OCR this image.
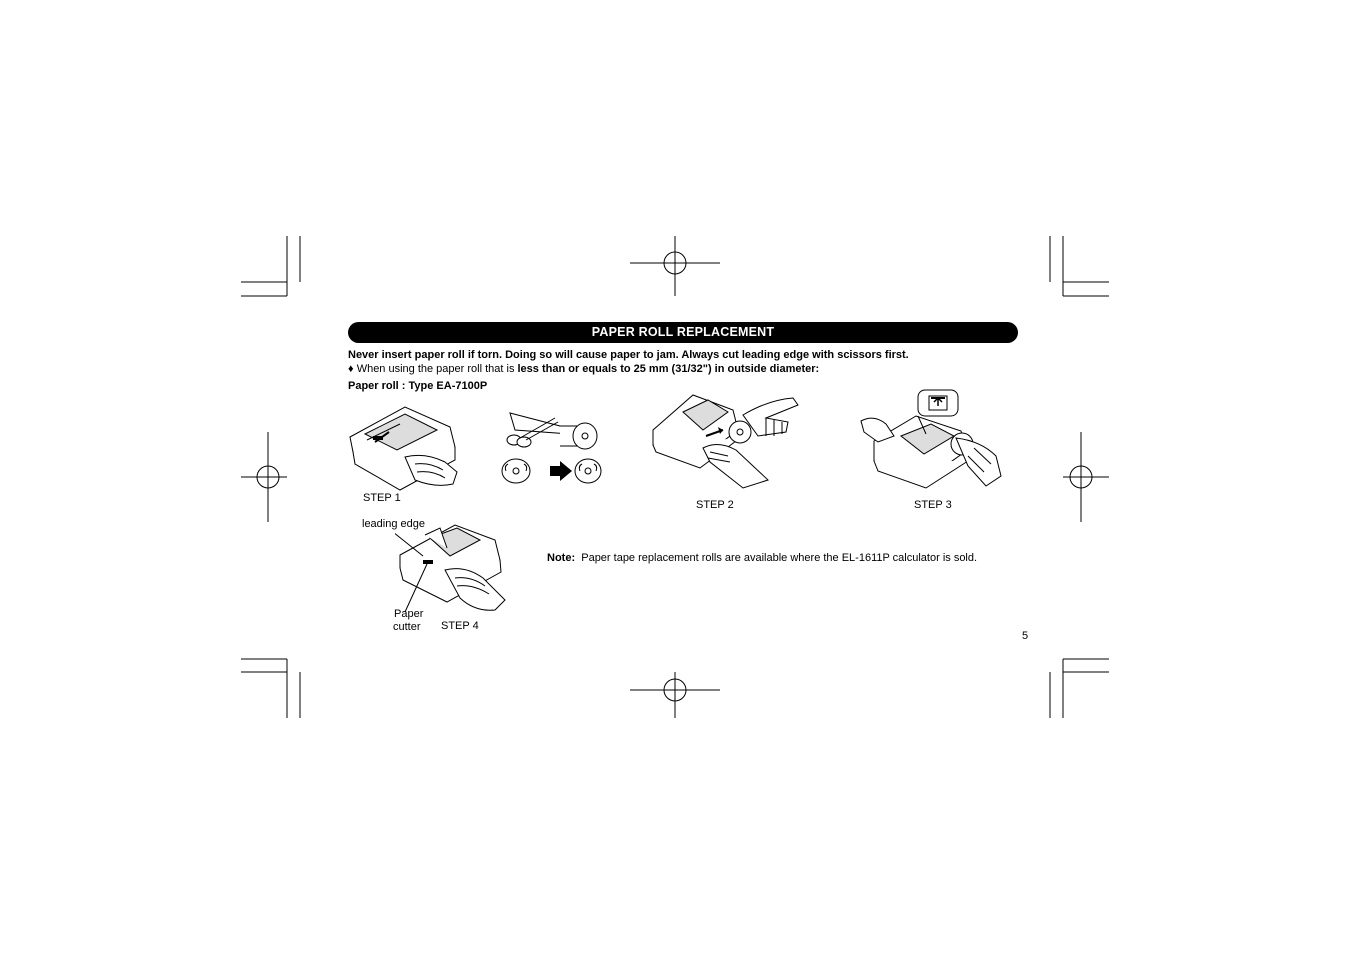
PAPER ROLL REPLACEMENT
Never insert paper roll if torn. Doing so will cause paper to jam. Always cut leading edge with scissors first.
♦ When using the paper roll that is less than or equals to 25 mm (31/32") in outside diameter:
Paper roll : Type EA-7100P
STEP 1
STEP 2	STEP 3
leading edge
Paper
cutter STEP 4
Note: Paper tape replacement rolls are available where the EL-1611P calculator is sold.
5
